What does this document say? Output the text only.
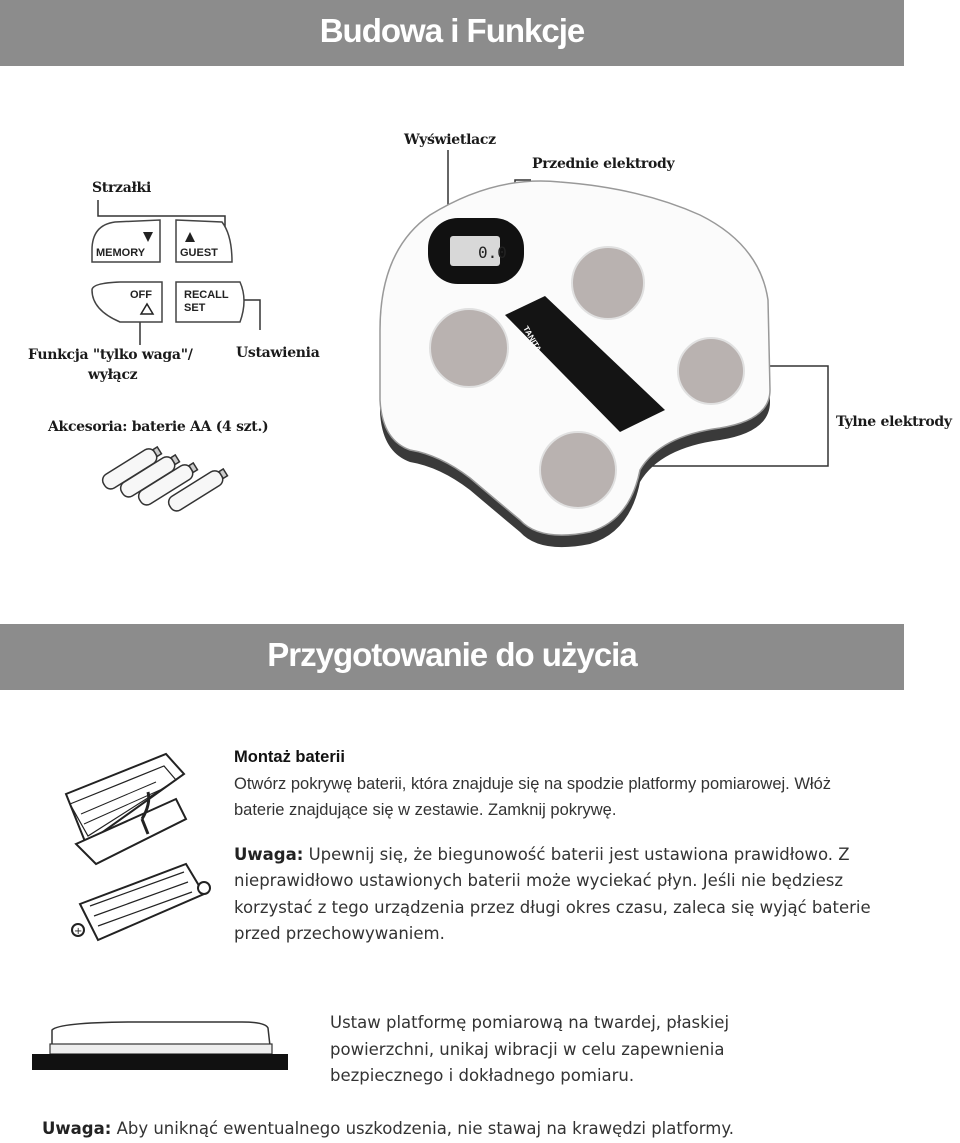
Budowa i Funkcje
MEMORY	GUEST
OFF	RECALL
SET
0.0
TANITA
Wyświetlacz
Przednie elektrody
Strzałki
Funkcja "tylko waga"/
wyłącz
Ustawienia
Akcesoria: baterie AA (4 szt.)	Tylne elektrody
Przygotowanie do użycia
+
Montaż baterii
Otwórz pokrywę baterii, która znajduje się na spodzie platformy pomiarowej. Włóż baterie znajdujące się w zestawie. Zamknij pokrywę.
Uwaga: Upewnij się, że biegunowość baterii jest ustawiona prawidłowo. Z nieprawidłowo ustawionych baterii może wyciekać płyn. Jeśli nie będziesz korzystać z tego urządzenia przez długi okres czasu, zaleca się wyjąć baterie przed przechowywaniem.
Ustaw platformę pomiarową na twardej, płaskiej powierzchni, unikaj wibracji w celu zapewnienia bezpiecznego i dokładnego pomiaru.
Uwaga: Aby uniknąć ewentualnego uszkodzenia, nie stawaj na krawędzi platformy.
